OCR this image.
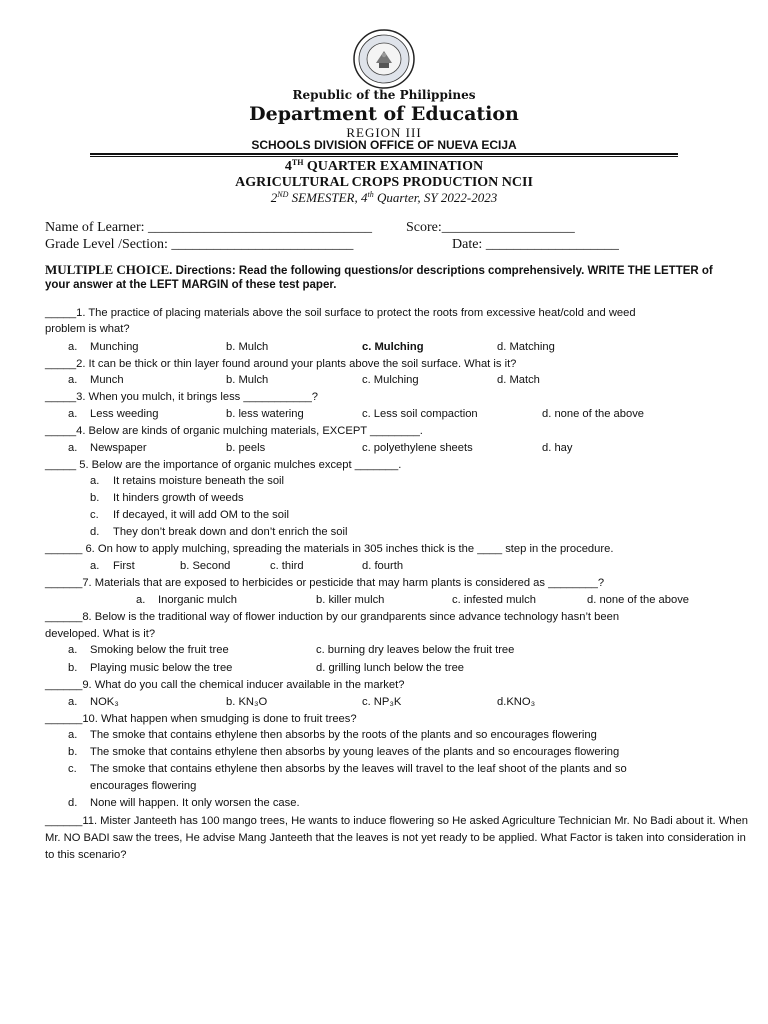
Republic of the Philippines
Department of Education
REGION III
SCHOOLS DIVISION OFFICE OF NUEVA ECIJA
4TH QUARTER EXAMINATION
AGRICULTURAL CROPS PRODUCTION NCII
2ND SEMESTER, 4th Quarter, SY 2022-2023
Name of Learner: ________________________________ Score:___________________
Grade Level /Section: __________________________	Date: ___________________
MULTIPLE CHOICE. Directions: Read the following questions/or descriptions comprehensively. WRITE THE LETTER of your answer at the LEFT MARGIN of these test paper.
_____1. The practice of placing materials above the soil surface to protect the roots from excessive heat/cold and weed
problem is what?
a. Munching	b. Mulch	c. Mulching	d. Matching
_____2. It can be thick or thin layer found around your plants above the soil surface. What is it?
a. Munch	b. Mulch	c. Mulching	d. Match
_____3. When you mulch, it brings less ___________?
a. Less weeding	b. less watering	c. Less soil compaction	d. none of the above
_____4. Below are kinds of organic mulching materials, EXCEPT ________.
a. Newspaper	b. peels	c. polyethylene sheets	d. hay
_____ 5. Below are the importance of organic mulches except _______.
a. It retains moisture beneath the soil
b. It hinders growth of weeds
c. If decayed, it will add OM to the soil
d. They don’t break down and don’t enrich the soil
______ 6. On how to apply mulching, spreading the materials in 305 inches thick is the ____ step in the procedure.
a. First	b. Second	c. third	d. fourth
______7. Materials that are exposed to herbicides or pesticide that may harm plants is considered as ________?
a. Inorganic mulch	b. killer mulch	c. infested mulch	d. none of the above
______8. Below is the traditional way of flower induction by our grandparents since advance technology hasn’t been
developed. What is it?
a. Smoking below the fruit tree	c. burning dry leaves below the fruit tree
b. Playing music below the tree	d. grilling lunch below the tree
______9. What do you call the chemical inducer available in the market?
a. NOK₃	b. KN₃O	c. NP₃K	d.KNO₃
______10. What happen when smudging is done to fruit trees?
a. The smoke that contains ethylene then absorbs by the roots of the plants and so encourages flowering
b. The smoke that contains ethylene then absorbs by young leaves of the plants and so encourages flowering
c. The smoke that contains ethylene then absorbs by the leaves will travel to the leaf shoot of the plants and so
encourages flowering
d. None will happen. It only worsen the case.
______11. Mister Janteeth has 100 mango trees, He wants to induce flowering so He asked Agriculture Technician Mr. No Badi about it. When Mr. NO BADI saw the trees, He advise Mang Janteeth that the leaves is not yet ready to be applied. What Factor is taken into consideration in to this scenario?
